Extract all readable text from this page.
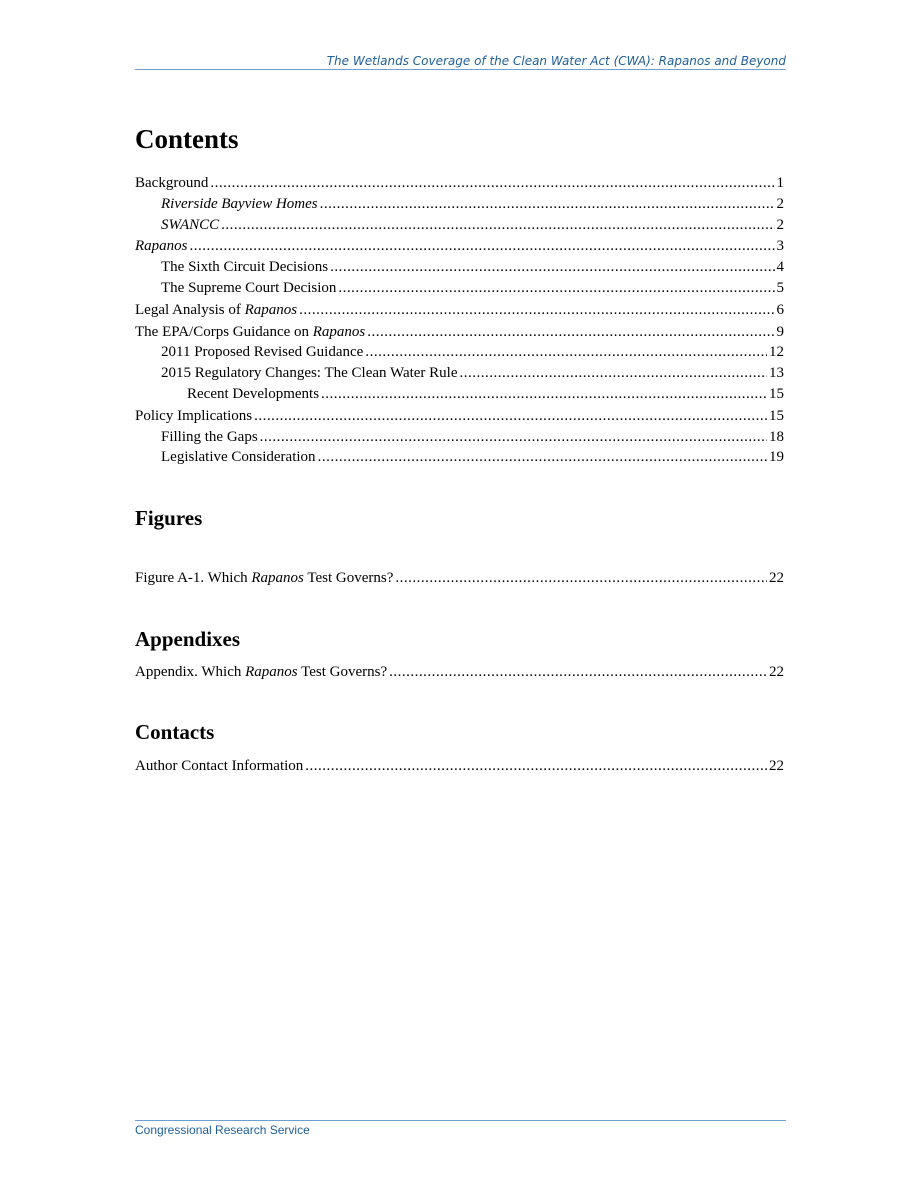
The Wetlands Coverage of the Clean Water Act (CWA): Rapanos and Beyond
Contents
Background .....	1
Riverside Bayview Homes .....	2
SWANCC .....	2
Rapanos .....	3
The Sixth Circuit Decisions .....	4
The Supreme Court Decision .....	5
Legal Analysis of Rapanos .....	6
The EPA/Corps Guidance on Rapanos .....	9
2011 Proposed Revised Guidance .....	12
2015 Regulatory Changes: The Clean Water Rule .....	13
Recent Developments .....	15
Policy Implications .....	15
Filling the Gaps .....	18
Legislative Consideration .....	19
Figures
Figure A-1. Which Rapanos Test Governs? .....	22
Appendixes
Appendix. Which Rapanos Test Governs? .....	22
Contacts
Author Contact Information .....	22
Congressional Research Service
